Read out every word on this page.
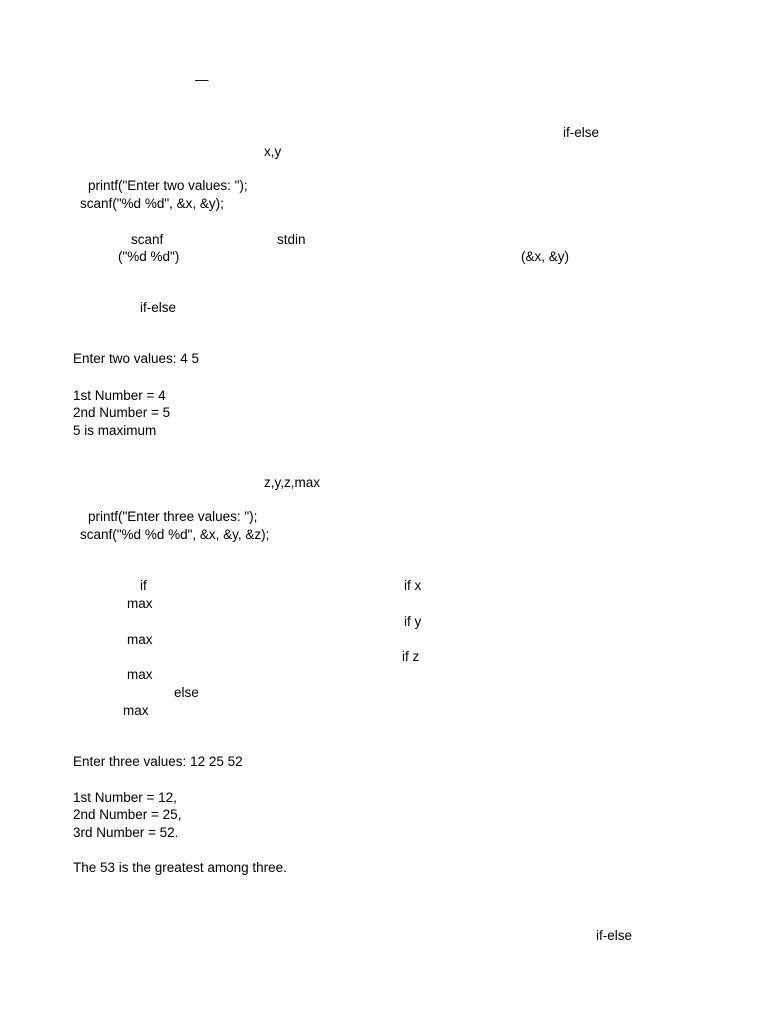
—
if-else
x,y
printf("Enter two values: ");
scanf("%d %d", &x, &y);
scanf	stdin
("%d %d")	(&x, &y)
if-else
Enter two values: 4 5
1st Number = 4
2nd Number = 5
5 is maximum
z,y,z,max
printf("Enter three values: ");
scanf("%d %d %d", &x, &y, &z);
if	if x
max
if y
max
if z
max
else
max
Enter three values: 12 25 52
1st Number = 12,
2nd Number = 25,
3rd Number = 52.
The 53 is the greatest among three.
if-else
